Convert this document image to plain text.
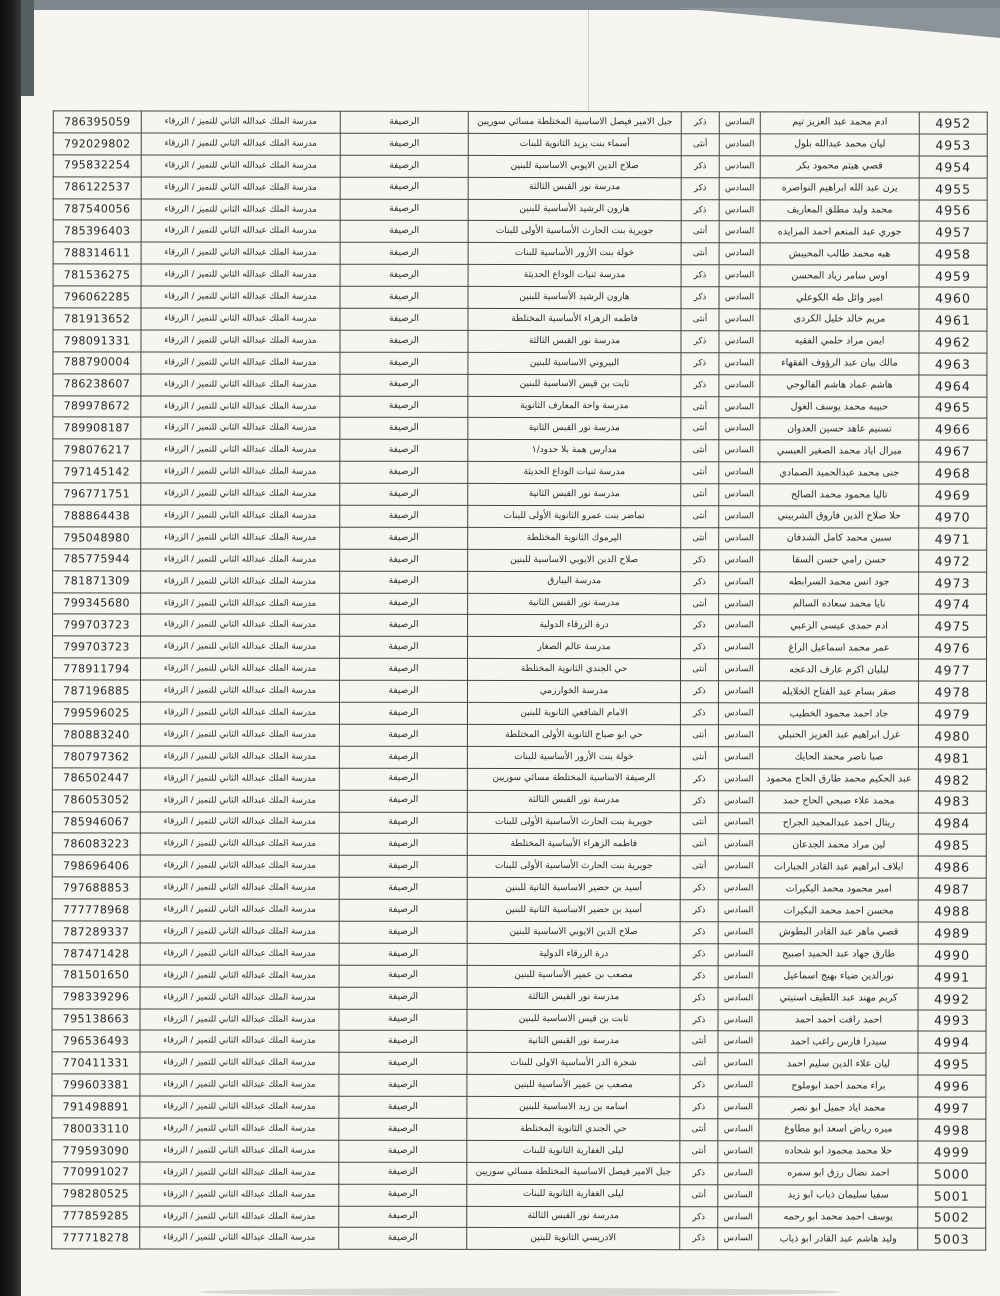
4952	ادم محمد عبد العزيز تيم	السادس	ذكر	جبل الامير فيصل الاساسية المختلطة مسائي سوريين	الرصيفة	مدرسة الملك عبدالله الثاني للتميز / الزرقاء	786395059
4953	ليان محمد عبدالله بلول	السادس	أنثى	أسماء بنت يزيد الثانوية للبنات	الرصيفة	مدرسة الملك عبدالله الثاني للتميز / الزرقاء	792029802
4954	قصي هيثم محمود بكر	السادس	ذكر	صلاح الدين الايوبي الاساسية للبنين	الرصيفة	مدرسة الملك عبدالله الثاني للتميز / الزرقاء	795832254
4955	يزن عبد الله ابراهيم النواصره	السادس	ذكر	مدرسة نور القبس الثالثة	الرصيفة	مدرسة الملك عبدالله الثاني للتميز / الزرقاء	786122537
4956	محمد وليد مطلق المعاريف	السادس	ذكر	هارون الرشيد الأساسية للبنين	الرصيفة	مدرسة الملك عبدالله الثاني للتميز / الزرقاء	787540056
4957	جوري عبد المنعم احمد المزايده	السادس	أنثى	جويرية بنت الحارث الأساسية الأولى للبنات	الرصيفة	مدرسة الملك عبدالله الثاني للتميز / الزرقاء	785396403
4958	هبه محمد طالب المحيبش	السادس	أنثى	خولة بنت الأزور الأساسية للبنات	الرصيفة	مدرسة الملك عبدالله الثاني للتميز / الزرقاء	788314611
4959	اوس سامر زياد المحسن	السادس	ذكر	مدرسة ثنيات الوداع الحديثة	الرصيفة	مدرسة الملك عبدالله الثاني للتميز / الزرقاء	781536275
4960	امير وائل طه الكوعلي	السادس	ذكر	هارون الرشيد الأساسية للبنين	الرصيفة	مدرسة الملك عبدالله الثاني للتميز / الزرقاء	796062285
4961	مريم خالد خليل الكردى	السادس	أنثى	فاطمه الزهراء الأساسية المختلطة	الرصيفة	مدرسة الملك عبدالله الثاني للتميز / الزرقاء	781913652
4962	ايمن مراد حلمي الفقيه	السادس	ذكر	مدرسة نور القبس الثالثة	الرصيفة	مدرسة الملك عبدالله الثاني للتميز / الزرقاء	798091331
4963	مالك بيان عبد الرؤوف الفقهاء	السادس	ذكر	البيروني الاساسية للبنين	الرصيفة	مدرسة الملك عبدالله الثاني للتميز / الزرقاء	788790004
4964	هاشم عماد هاشم الفالوجي	السادس	ذكر	ثابت بن قيس الاساسية للبنين	الرصيفة	مدرسة الملك عبدالله الثاني للتميز / الزرقاء	786238607
4965	حبيبه محمد يوسف الغول	السادس	أنثى	مدرسة واحة المعارف الثانوية	الرصيفة	مدرسة الملك عبدالله الثاني للتميز / الزرقاء	789978672
4966	تسنيم عاهد حسين العدوان	السادس	أنثى	مدرسة نور القبس الثانية	الرصيفة	مدرسة الملك عبدالله الثاني للتميز / الزرقاء	789908187
4967	ميرال اياد محمد الصغير العبسي	السادس	أنثى	مدارس همة بلا حدود/١	الرصيفة	مدرسة الملك عبدالله الثاني للتميز / الزرقاء	798076217
4968	جنى محمد عبدالحميد الصمادي	السادس	أنثى	مدرسة ثنيات الوداع الحديثة	الرصيفة	مدرسة الملك عبدالله الثاني للتميز / الزرقاء	797145142
4969	تاليا محمود محمد الصالح	السادس	أنثى	مدرسة نور القبس الثانية	الرصيفة	مدرسة الملك عبدالله الثاني للتميز / الزرقاء	796771751
4970	حلا صلاح الدين فاروق الشربيني	السادس	أنثى	تماضر بنت عمرو الثانوية الأولى للبنات	الرصيفة	مدرسة الملك عبدالله الثاني للتميز / الزرقاء	788864438
4971	سبين محمد كامل الشدفان	السادس	أنثى	اليرموك الثانوية المختلطة	الرصيفة	مدرسة الملك عبدالله الثاني للتميز / الزرقاء	795048980
4972	حسن رامي حسن السقا	السادس	ذكر	صلاح الدين الايوبي الاساسية للبنين	الرصيفة	مدرسة الملك عبدالله الثاني للتميز / الزرقاء	785775944
4973	جود انس محمد السرابطه	السادس	ذكر	مدرسة البيارق	الرصيفة	مدرسة الملك عبدالله الثاني للتميز / الزرقاء	781871309
4974	نايا محمد سعاده السالم	السادس	أنثى	مدرسة نور القبس الثانية	الرصيفة	مدرسة الملك عبدالله الثاني للتميز / الزرقاء	799345680
4975	ادم حمدى عيسى الزعبي	السادس	ذكر	درة الزرقاء الدولية	الرصيفة	مدرسة الملك عبدالله الثاني للتميز / الزرقاء	799703723
4976	عمر محمد اسماعيل الزاغ	السادس	ذكر	مدرسة عالم الصغار	الرصيفة	مدرسة الملك عبدالله الثاني للتميز / الزرقاء	799703723
4977	ليليان اكرم عارف الدعجه	السادس	أنثى	حي الجندي الثانوية المختلطة	الرصيفة	مدرسة الملك عبدالله الثاني للتميز / الزرقاء	778911794
4978	صقر بسام عبد الفتاح الخلايله	السادس	ذكر	مدرسة الخوارزمي	الرصيفة	مدرسة الملك عبدالله الثاني للتميز / الزرقاء	787196885
4979	جاد احمد محمود الخطيب	السادس	ذكر	الامام الشافعي الثانوية للبنين	الرصيفة	مدرسة الملك عبدالله الثاني للتميز / الزرقاء	799596025
4980	غزل ابراهيم عبد العزيز الحنبلي	السادس	أنثى	حي ابو صباح الثانوية الأولى المختلطة	الرصيفة	مدرسة الملك عبدالله الثاني للتميز / الزرقاء	780883240
4981	صبا ناصر محمد الحايك	السادس	أنثى	خولة بنت الأزور الأساسية للبنات	الرصيفة	مدرسة الملك عبدالله الثاني للتميز / الزرقاء	780797362
4982	عبد الحكيم محمد طارق الحاج محمود	السادس	ذكر	الرصيفة الاساسية المختلطة مسائي سوريين	الرصيفة	مدرسة الملك عبدالله الثاني للتميز / الزرقاء	786502447
4983	محمد علاء صبحي الحاج حمد	السادس	ذكر	مدرسة نور القبس الثالثة	الرصيفة	مدرسة الملك عبدالله الثاني للتميز / الزرقاء	786053052
4984	ريتال احمد عبدالمجيد الجراح	السادس	أنثى	جويرية بنت الحارث الأساسية الأولى للبنات	الرصيفة	مدرسة الملك عبدالله الثاني للتميز / الزرقاء	785946067
4985	لين مراد محمد الجدعان	السادس	أنثى	فاطمه الزهراء الأساسية المختلطة	الرصيفة	مدرسة الملك عبدالله الثاني للتميز / الزرقاء	786083223
4986	ايلاف ابراهيم عبد القادر الجبارات	السادس	أنثى	جويرية بنت الحارث الأساسية الأولى للبنات	الرصيفة	مدرسة الملك عبدالله الثاني للتميز / الزرقاء	798696406
4987	امير محمود محمد البكيرات	السادس	ذكر	أسيد بن حضير الاساسية الثانية للبنين	الرصيفة	مدرسة الملك عبدالله الثاني للتميز / الزرقاء	797688853
4988	محسن احمد محمد البكيرات	السادس	ذكر	أسيد بن حضير الاساسية الثانية للبنين	الرصيفة	مدرسة الملك عبدالله الثاني للتميز / الزرقاء	777778968
4989	قصي ماهر عبد القادر البطوش	السادس	ذكر	صلاح الدين الايوبي الاساسية للبنين	الرصيفة	مدرسة الملك عبدالله الثاني للتميز / الزرقاء	787289337
4990	طارق جهاد عبد الحميد اصبيح	السادس	ذكر	درة الزرقاء الدولية	الرصيفة	مدرسة الملك عبدالله الثاني للتميز / الزرقاء	787471428
4991	نورالدين ضياء بهيج اسماعيل	السادس	ذكر	مصعب بن عمير الأساسية للبنين	الرصيفة	مدرسة الملك عبدالله الثاني للتميز / الزرقاء	781501650
4992	كريم مهند عبد اللطيف استيتي	السادس	ذكر	مدرسة نور القبس الثالثة	الرصيفة	مدرسة الملك عبدالله الثاني للتميز / الزرقاء	798339296
4993	احمد رافت احمد احمد	السادس	ذكر	ثابت بن قيس الاساسية للبنين	الرصيفة	مدرسة الملك عبدالله الثاني للتميز / الزرقاء	795138663
4994	سيدرا فارس راغب احمد	السادس	أنثى	مدرسة نور القبس الثانية	الرصيفة	مدرسة الملك عبدالله الثاني للتميز / الزرقاء	796536493
4995	ليان علاء الدين سليم احمد	السادس	أنثى	شجرة الدر الأساسية الاولى للبنات	الرصيفة	مدرسة الملك عبدالله الثاني للتميز / الزرقاء	770411331
4996	براء محمد احمد ابوملوح	السادس	ذكر	مصعب بن عمير الأساسية للبنين	الرصيفة	مدرسة الملك عبدالله الثاني للتميز / الزرقاء	799603381
4997	محمد اياد جميل ابو نصر	السادس	ذكر	اسامه بن زيد الاساسية للبنين	الرصيفة	مدرسة الملك عبدالله الثاني للتميز / الزرقاء	791498891
4998	ميره رياض اسعد ابو مطاوع	السادس	أنثى	حي الجندي الثانوية المختلطة	الرصيفة	مدرسة الملك عبدالله الثاني للتميز / الزرقاء	780033110
4999	حلا محمد محمود ابو شحاده	السادس	أنثى	ليلى الغفارية الثانوية للبنات	الرصيفة	مدرسة الملك عبدالله الثاني للتميز / الزرقاء	779593090
5000	احمد نضال رزق ابو سمره	السادس	ذكر	جبل الامير فيصل الاساسية المختلطة مسائي سوريين	الرصيفة	مدرسة الملك عبدالله الثاني للتميز / الزرقاء	770991027
5001	سفيا سليمان ذياب ابو زيد	السادس	أنثى	ليلى الغفارية الثانوية للبنات	الرصيفة	مدرسة الملك عبدالله الثاني للتميز / الزرقاء	798280525
5002	يوسف احمد محمد ابو رحمه	السادس	ذكر	مدرسة نور القبس الثالثة	الرصيفة	مدرسة الملك عبدالله الثاني للتميز / الزرقاء	777859285
5003	وليد هاشم عبد القادر ابو ذياب	السادس	ذكر	الادريسي الثانوية للبنين	الرصيفة	مدرسة الملك عبدالله الثاني للتميز / الزرقاء	777718278
